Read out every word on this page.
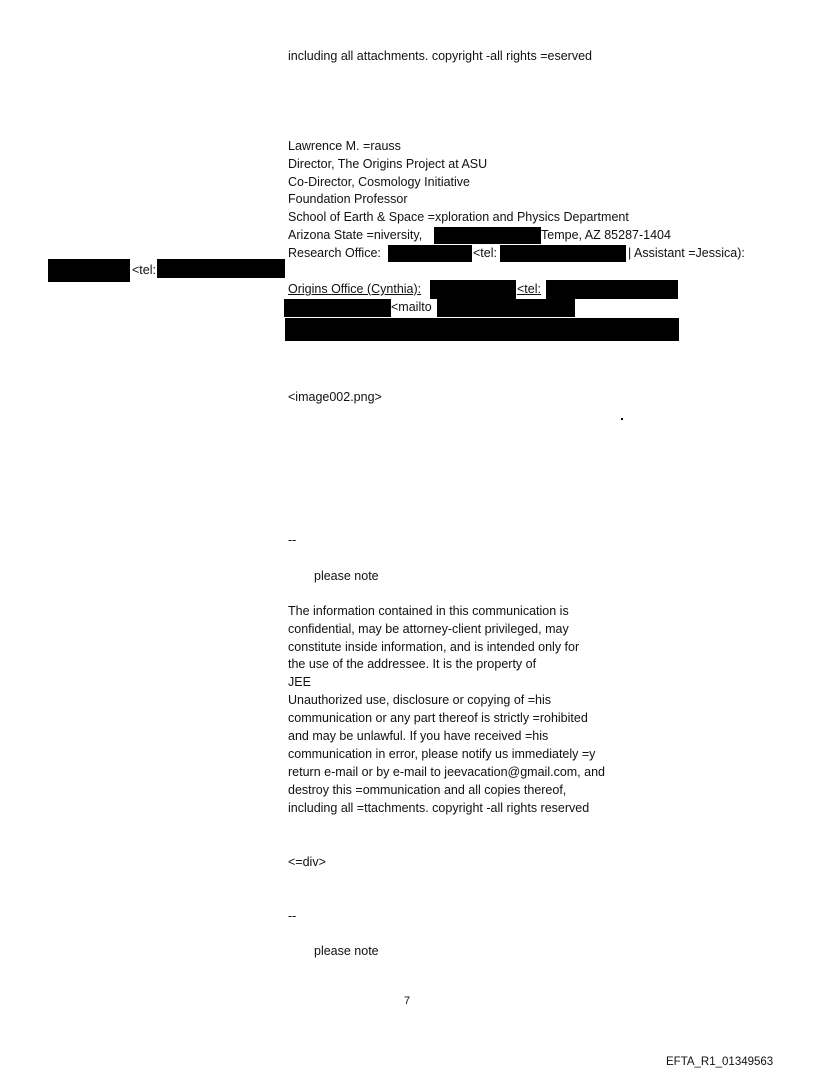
including all attachments. copyright -all rights =eserved
Lawrence M. =rauss
Director, The Origins Project at ASU
Co-Director, Cosmology Initiative
Foundation Professor
School of Earth & Space =xploration and Physics Department
Arizona State =niversity,	Tempe, AZ 85287-1404
Research Office:	<tel:	| Assistant =Jessica):
<tel:
Origins Office (Cynthia):	<tel:
<mailto
<image002.png>
--
please note
The information contained in this communication is
confidential, may be attorney-client privileged, may
constitute inside information, and is intended only for
the use of the addressee. It is the property of
JEE
Unauthorized use, disclosure or copying of =his
communication or any part thereof is strictly =rohibited
and may be unlawful. If you have received =his
communication in error, please notify us immediately =y
return e-mail or by e-mail to jeevacation@gmail.com, and
destroy this =ommunication and all copies thereof,
including all =ttachments. copyright -all rights reserved
<=div>
--
please note
7
EFTA_R1_01349563
